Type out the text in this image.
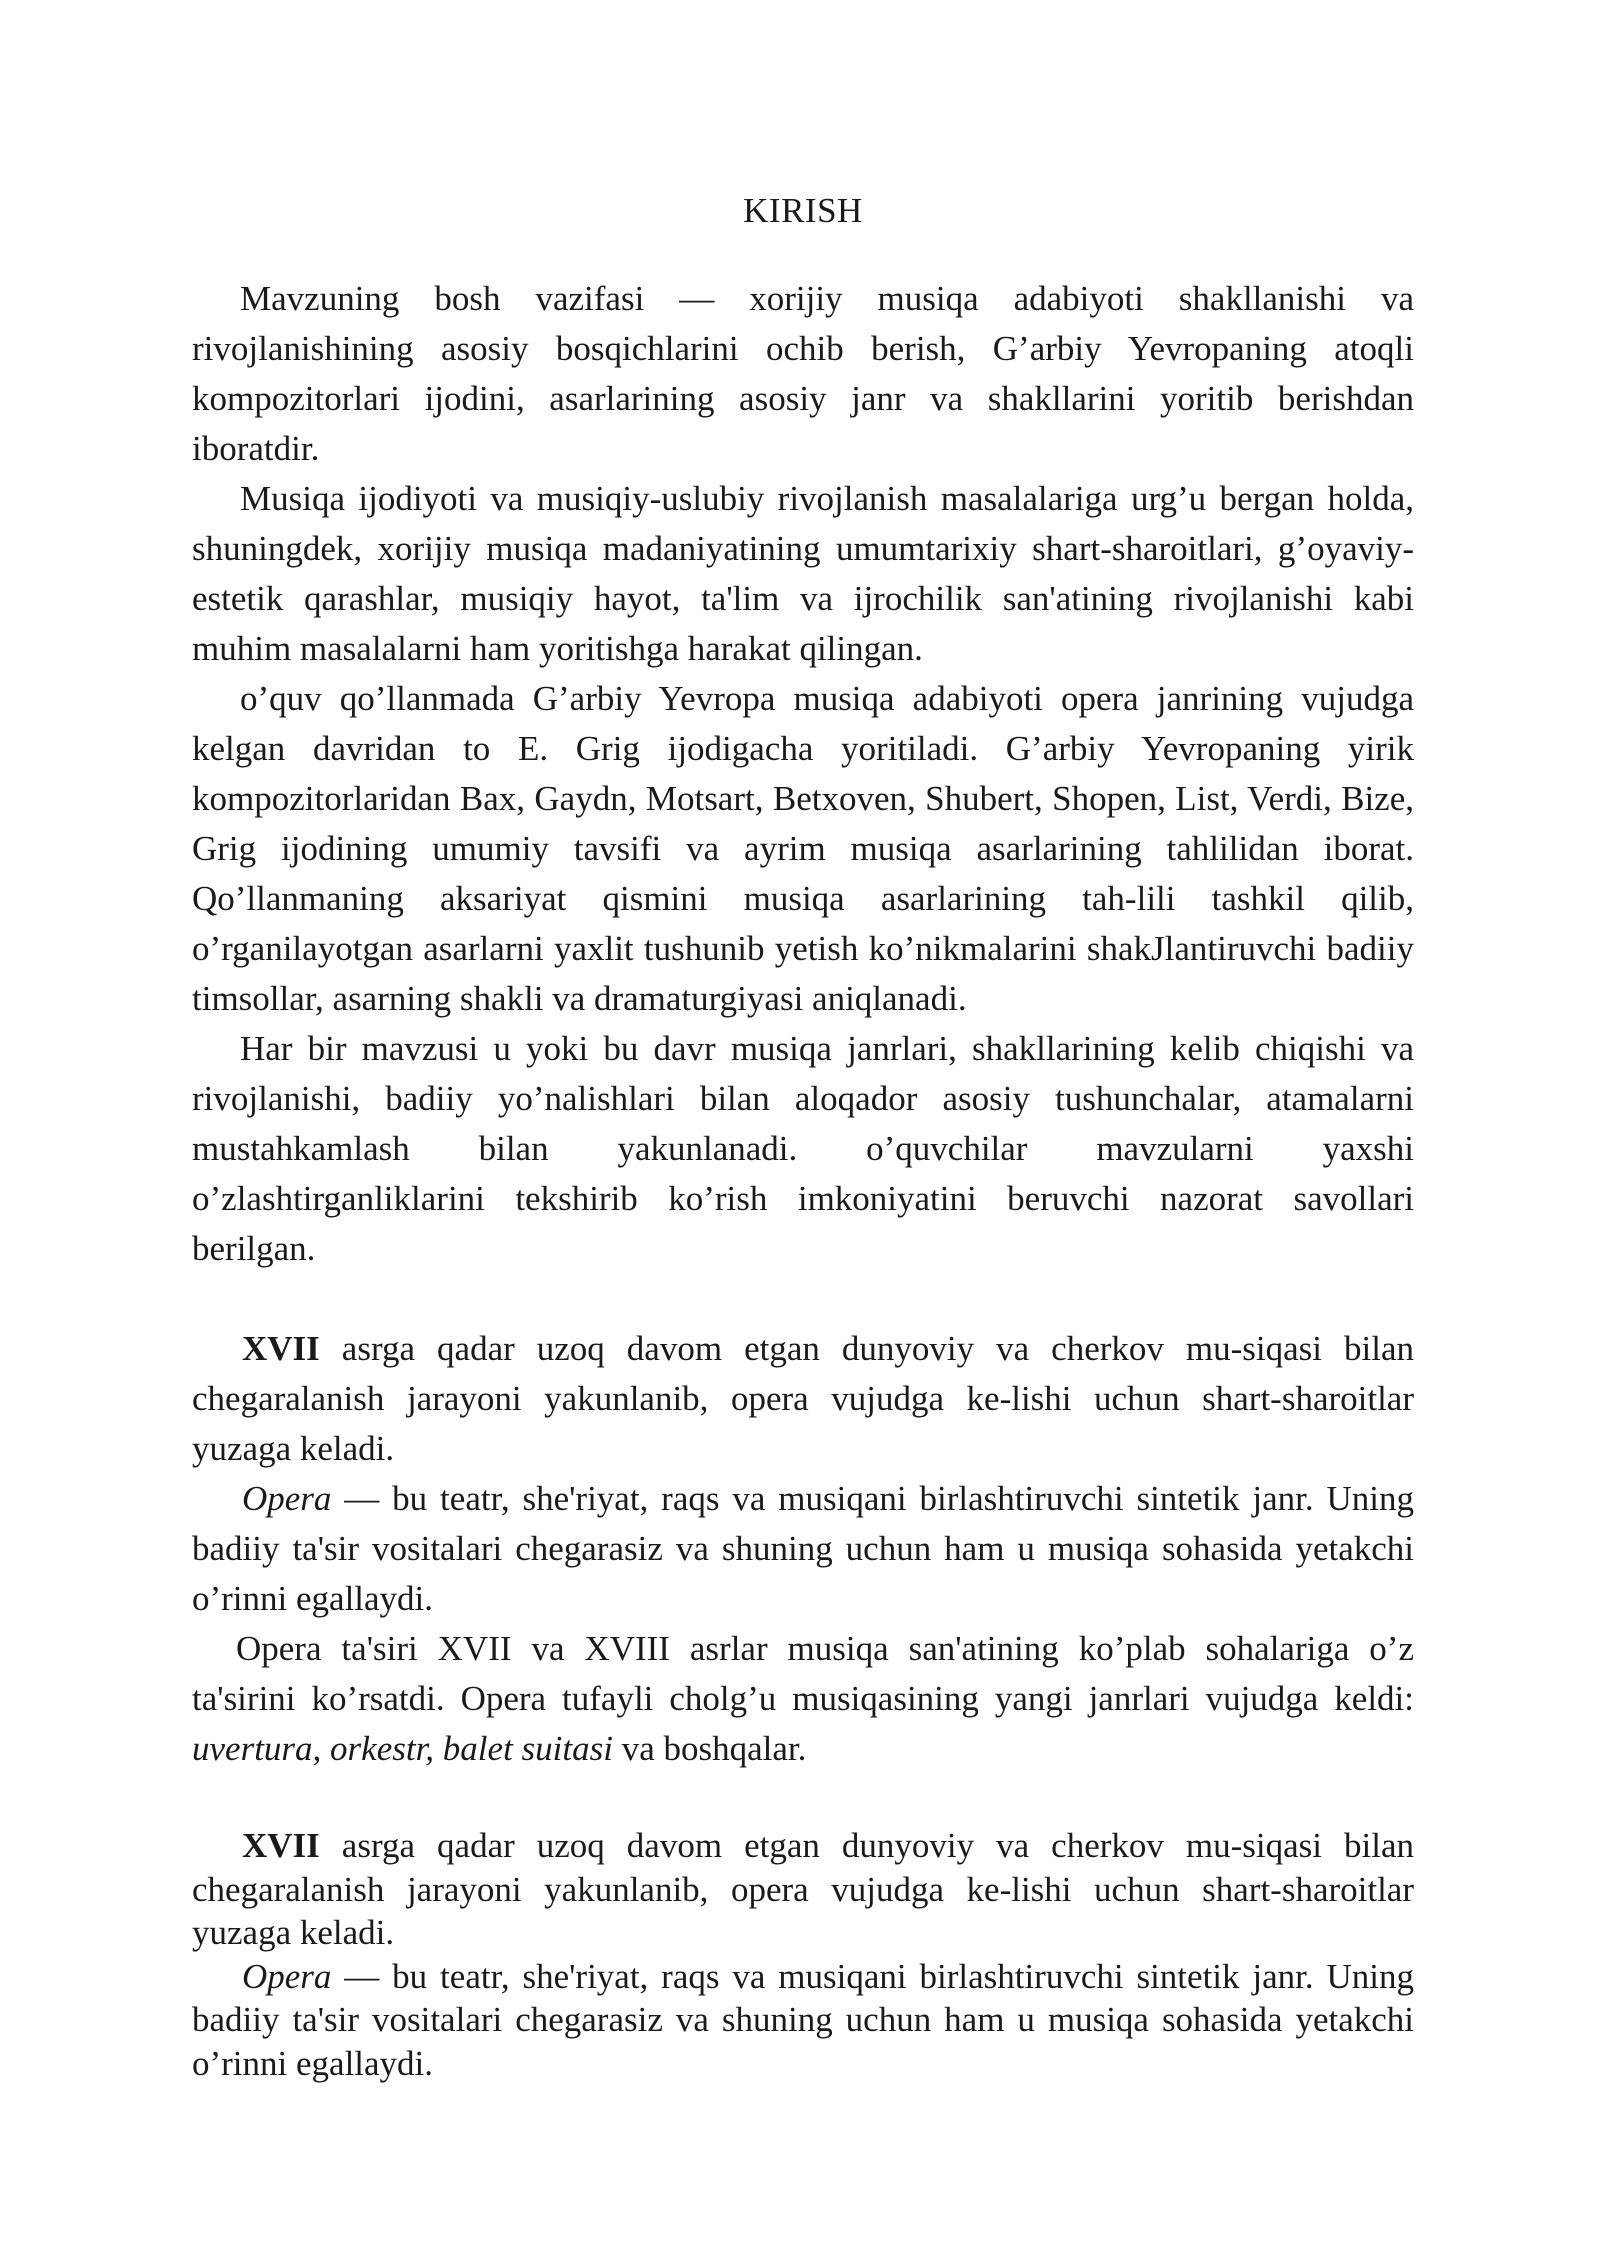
KIRISH

Mavzuning bosh vazifasi — xorijiy musiqa adabiyoti shakllanishi va rivojlanishining asosiy bosqichlarini ochib berish, G’arbiy Yevropaning atoqli kompozitorlari ijodini, asarlarining asosiy janr va shakllarini yoritib berishdan iboratdir.

Musiqa ijodiyoti va musiqiy-uslubiy rivojlanish masalalariga urg’u bergan holda, shuningdek, xorijiy musiqa madaniyatining umumtarixiy shart-sharoitlari, g’oyaviy-estetik qarashlar, musiqiy hayot, ta'lim va ijrochilik san'atining rivojlanishi kabi muhim masalalarni ham yoritishga harakat qilingan.

o’quv qo’llanmada G’arbiy Yevropa musiqa adabiyoti opera janrining vujudga kelgan davridan to E. Grig ijodigacha yoritiladi. G’arbiy Yevropaning yirik kompozitorlaridan Bax, Gaydn, Motsart, Betxoven, Shubert, Shopen, List, Verdi, Bize, Grig ijodining umumiy tavsifi va ayrim musiqa asarlarining tahlilidan iborat. Qo’llanmaning aksariyat qismini musiqa asarlarining tah-lili tashkil qilib, o’rganilayotgan asarlarni yaxlit tushunib yetish ko’nikmalarini shakJlantiruvchi badiiy timsollar, asarning shakli va dramaturgiyasi aniqlanadi.

Har bir mavzusi u yoki bu davr musiqa janrlari, shakllarining kelib chiqishi va rivojlanishi, badiiy yo’nalishlari bilan aloqador asosiy tushunchalar, atamalarni mustahkamlash bilan yakunlanadi. o’quvchilar mavzularni yaxshi o’zlashtirganliklarini tekshirib ko’rish imkoniyatini beruvchi nazorat savollari berilgan.

XVII asrga qadar uzoq davom etgan dunyoviy va cherkov mu-siqasi bilan chegaralanish jarayoni yakunlanib, opera vujudga ke-lishi uchun shart-sharoitlar yuzaga keladi.

Opera — bu teatr, she'riyat, raqs va musiqani birlashtiruvchi sintetik janr. Uning badiiy ta'sir vositalari chegarasiz va shuning uchun ham u musiqa sohasida yetakchi o’rinni egallaydi.

Opera ta'siri XVII va XVIII asrlar musiqa san'atining ko’plab sohalariga o’z ta'sirini ko’rsatdi. Opera tufayli cholg’u musiqasining yangi janrlari vujudga keldi: uvertura, orkestr, balet suitasi va boshqalar.

XVII asrga qadar uzoq davom etgan dunyoviy va cherkov mu-siqasi bilan chegaralanish jarayoni yakunlanib, opera vujudga ke-lishi uchun shart-sharoitlar yuzaga keladi.

Opera — bu teatr, she'riyat, raqs va musiqani birlashtiruvchi sintetik janr. Uning badiiy ta'sir vositalari chegarasiz va shuning uchun ham u musiqa sohasida yetakchi o’rinni egallaydi.
